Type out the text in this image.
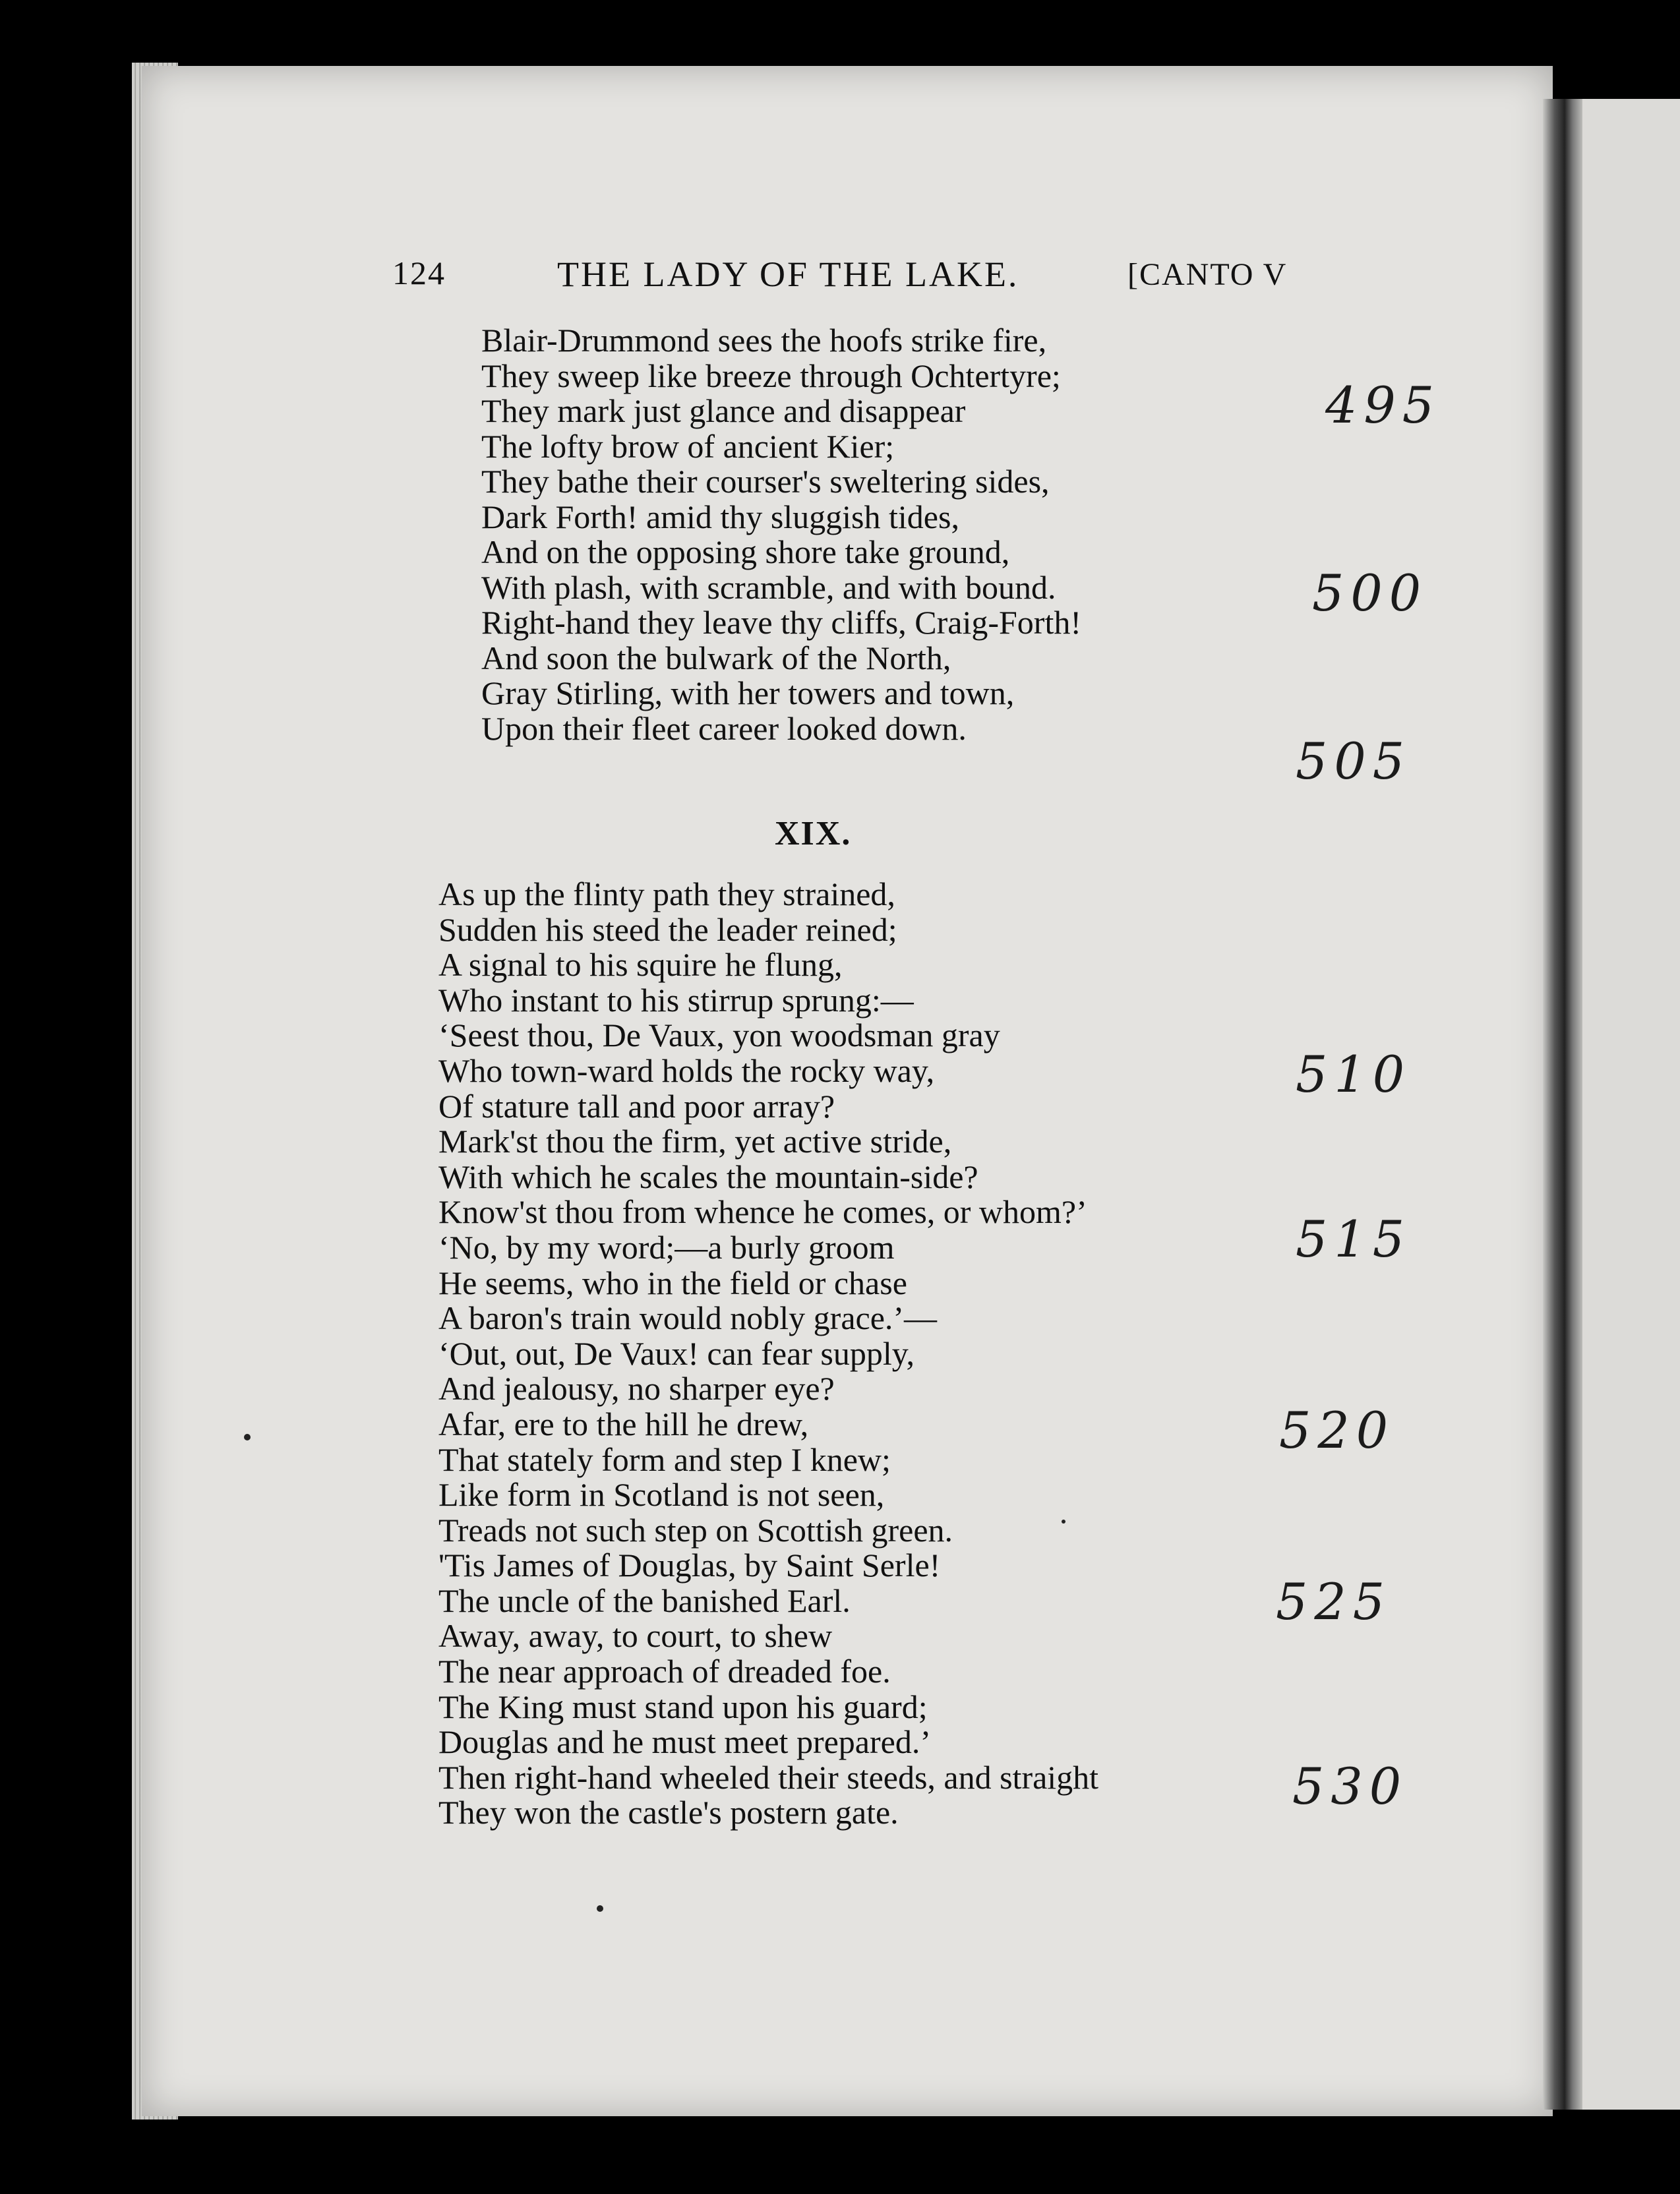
124	THE LADY OF THE LAKE.	[CANTO V
Blair-Drummond sees the hoofs strike fire,
They sweep like breeze through Ochtertyre;
They mark just glance and disappear
The lofty brow of ancient Kier;
They bathe their courser's sweltering sides,
Dark Forth! amid thy sluggish tides,
And on the opposing shore take ground,
With plash, with scramble, and with bound.
Right-hand they leave thy cliffs, Craig-Forth!
And soon the bulwark of the North,
Gray Stirling, with her towers and town,
Upon their fleet career looked down.
XIX.
As up the flinty path they strained,
Sudden his steed the leader reined;
A signal to his squire he flung,
Who instant to his stirrup sprung:—
‘Seest thou, De Vaux, yon woodsman gray
Who town-ward holds the rocky way,
Of stature tall and poor array?
Mark'st thou the firm, yet active stride,
With which he scales the mountain-side?
Know'st thou from whence he comes, or whom?’
‘No, by my word;—a burly groom
He seems, who in the field or chase
A baron's train would nobly grace.’—
‘Out, out, De Vaux! can fear supply,
And jealousy, no sharper eye?
Afar, ere to the hill he drew,
That stately form and step I knew;
Like form in Scotland is not seen,
Treads not such step on Scottish green.
'Tis James of Douglas, by Saint Serle!
The uncle of the banished Earl.
Away, away, to court, to shew
The near approach of dreaded foe.
The King must stand upon his guard;
Douglas and he must meet prepared.’
Then right-hand wheeled their steeds, and straight
They won the castle's postern gate.
495
500
505
510
515
520
525
530
